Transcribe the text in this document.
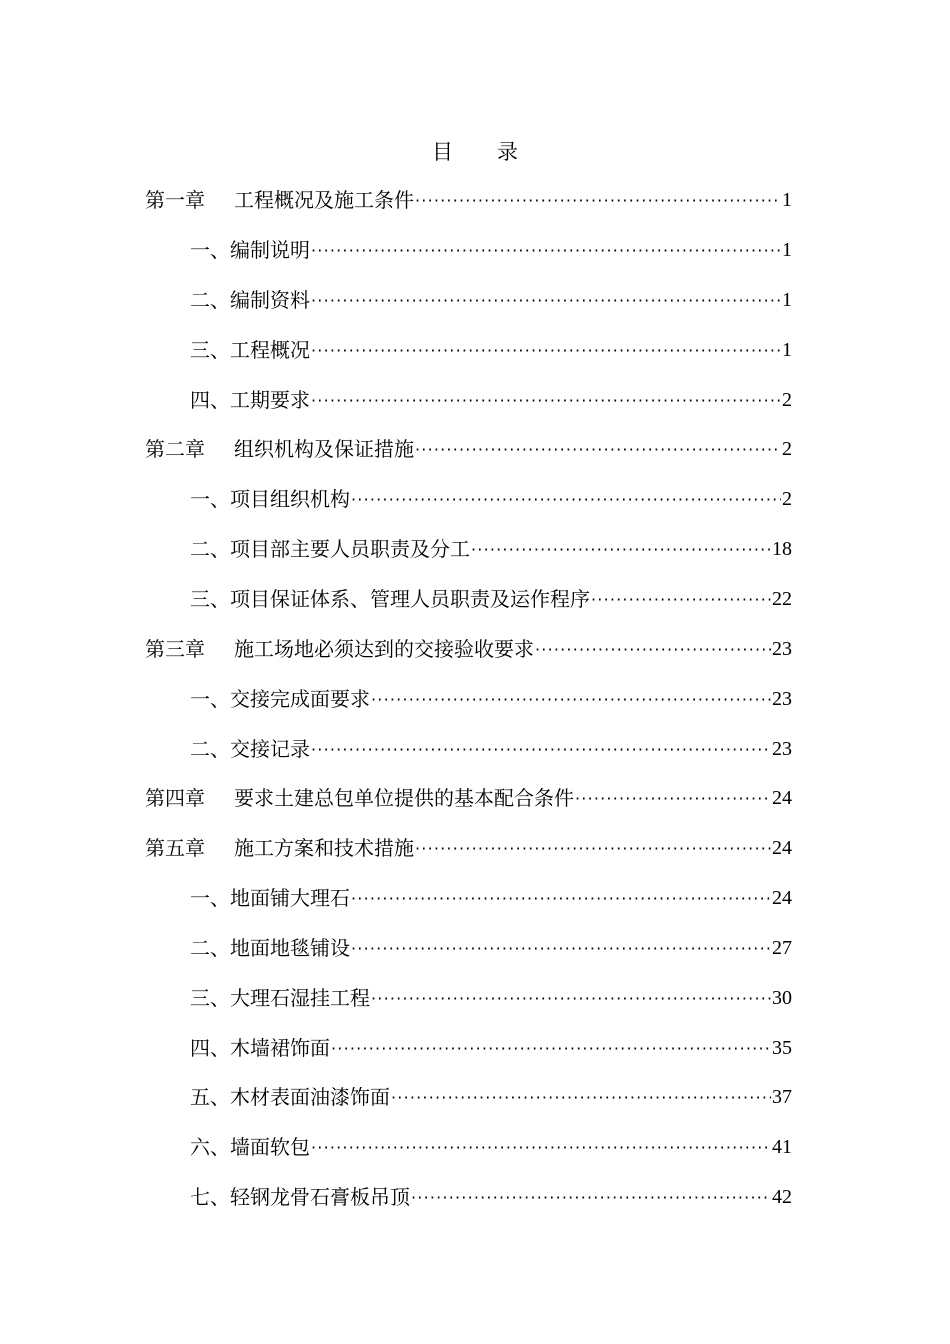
目 录
第一章	工程概况及施工条件 ·····	1
一、 编制说明 ·····	1
二、 编制资料 ·····	1
三、 工程概况 ·····	1
四、 工期要求 ·····	2
第二章	组织机构及保证措施 ·····	2
一、 项目组织机构 ·····	2
二、 项目部主要人员职责及分工 ·····	18
三、 项目保证体系、管理人员职责及运作程序 ·····	22
第三章	施工场地必须达到的交接验收要求 ·····	23
一、 交接完成面要求 ·····	23
二、 交接记录 ·····	23
第四章	要求土建总包单位提供的基本配合条件 ·····	24
第五章	施工方案和技术措施 ·····	24
一、 地面铺大理石 ·····	24
二、 地面地毯铺设 ·····	27
三、 大理石湿挂工程 ·····	30
四、 木墙裙饰面 ·····	35
五、 木材表面油漆饰面 ·····	37
六、 墙面软包 ·····	41
七、 轻钢龙骨石膏板吊顶 ·····	42
